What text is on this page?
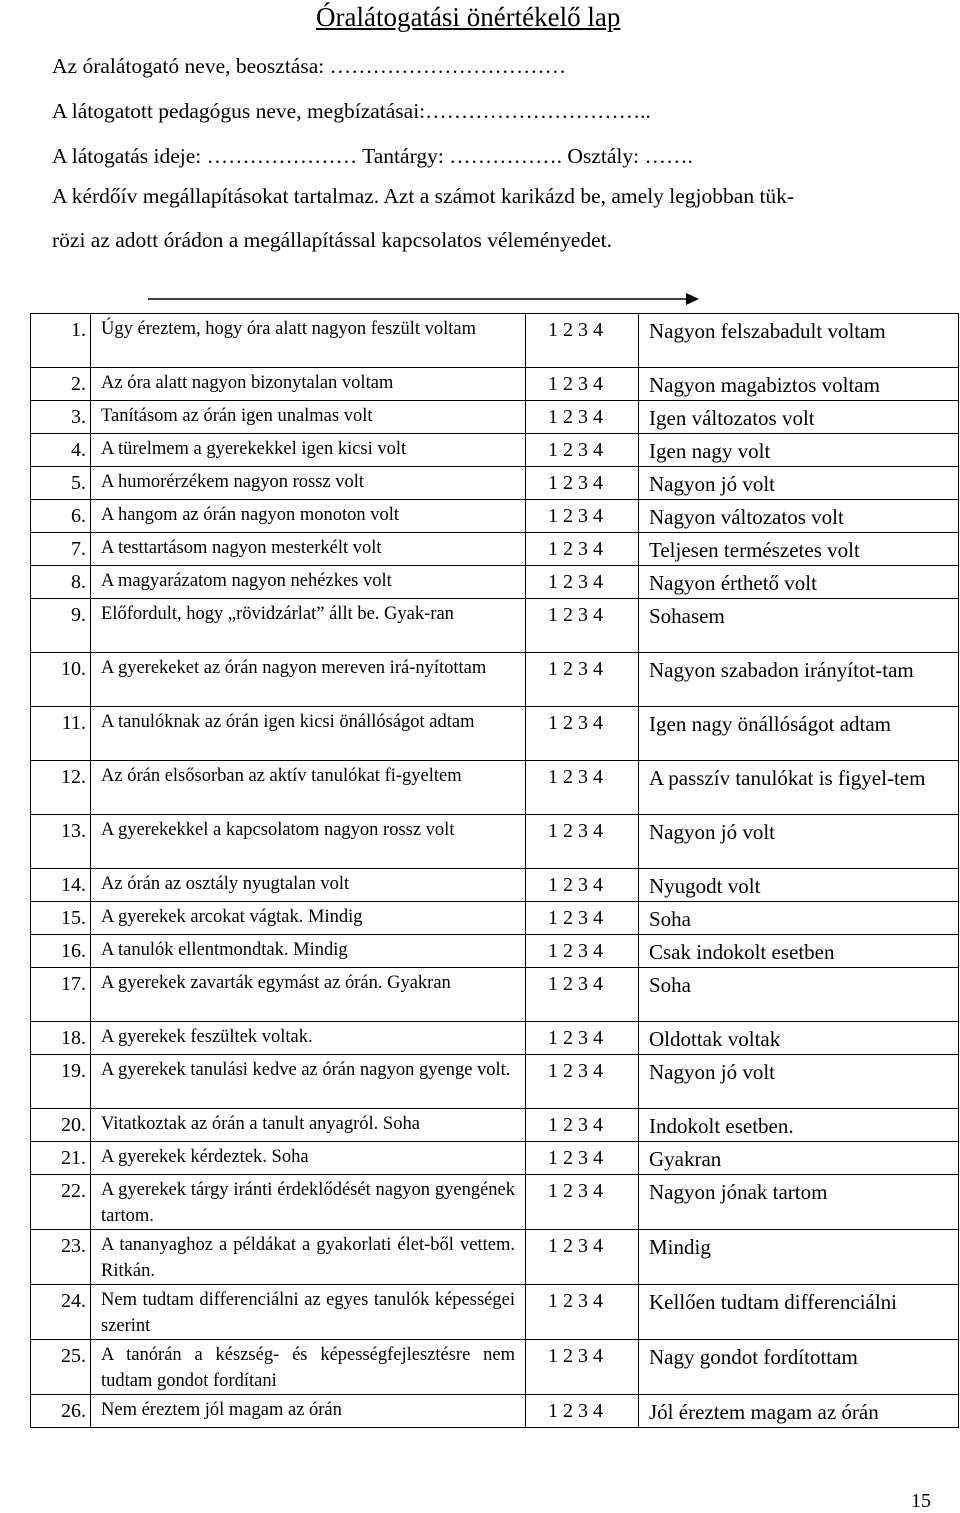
Óralátogatási önértékelő lap
Az óralátogató neve, beosztása: ……………………………
A látogatott pedagógus neve, megbízatásai:…………………………..
A látogatás ideje: ………………… Tantárgy: ……………. Osztály: …….
A kérdőív megállapításokat tartalmaz. Azt a számot karikázd be, amely legjobban tük-
rözi az adott órádon a megállapítással kapcsolatos véleményedet.
1.	Úgy éreztem, hogy óra alatt nagyon feszült voltam	1 2 3 4	Nagyon felszabadult voltam
2.	Az óra alatt nagyon bizonytalan voltam	1 2 3 4	Nagyon magabiztos voltam
3.	Tanításom az órán igen unalmas volt	1 2 3 4	Igen változatos volt
4.	A türelmem a gyerekekkel igen kicsi volt	1 2 3 4	Igen nagy volt
5.	A humorérzékem nagyon rossz volt	1 2 3 4	Nagyon jó volt
6.	A hangom az órán nagyon monoton volt	1 2 3 4	Nagyon változatos volt
7.	A testtartásom nagyon mesterkélt volt	1 2 3 4	Teljesen természetes volt
8.	A magyarázatom nagyon nehézkes volt	1 2 3 4	Nagyon érthető volt
9.	Előfordult, hogy „rövidzárlat” állt be. Gyak-ran	1 2 3 4	Sohasem
10.	A gyerekeket az órán nagyon mereven irá-nyítottam	1 2 3 4	Nagyon szabadon irányítot-tam
11.	A tanulóknak az órán igen kicsi önállóságot adtam	1 2 3 4	Igen nagy önállóságot adtam
12.	Az órán elsősorban az aktív tanulókat fi-gyeltem	1 2 3 4	A passzív tanulókat is figyel-tem
13.	A gyerekekkel a kapcsolatom nagyon rossz volt	1 2 3 4	Nagyon jó volt
14.	Az órán az osztály nyugtalan volt	1 2 3 4	Nyugodt volt
15.	A gyerekek arcokat vágtak. Mindig	1 2 3 4	Soha
16.	A tanulók ellentmondtak. Mindig	1 2 3 4	Csak indokolt esetben
17.	A gyerekek zavarták egymást az órán. Gyakran	1 2 3 4	Soha
18.	A gyerekek feszültek voltak.	1 2 3 4	Oldottak voltak
19.	A gyerekek tanulási kedve az órán nagyon gyenge volt.	1 2 3 4	Nagyon jó volt
20.	Vitatkoztak az órán a tanult anyagról. Soha	1 2 3 4	Indokolt esetben.
21.	A gyerekek kérdeztek. Soha	1 2 3 4	Gyakran
22.	A gyerekek tárgy iránti érdeklődését nagyon gyengének tartom.	1 2 3 4	Nagyon jónak tartom
23.	A tananyaghoz a példákat a gyakorlati élet-ből vettem. Ritkán.	1 2 3 4	Mindig
24.	Nem tudtam differenciálni az egyes tanulók képességei szerint	1 2 3 4	Kellően tudtam differenciálni
25.	A tanórán a készség- és képességfejlesztésre nem tudtam gondot fordítani	1 2 3 4	Nagy gondot fordítottam
26.	Nem éreztem jól magam az órán	1 2 3 4	Jól éreztem magam az órán
15
